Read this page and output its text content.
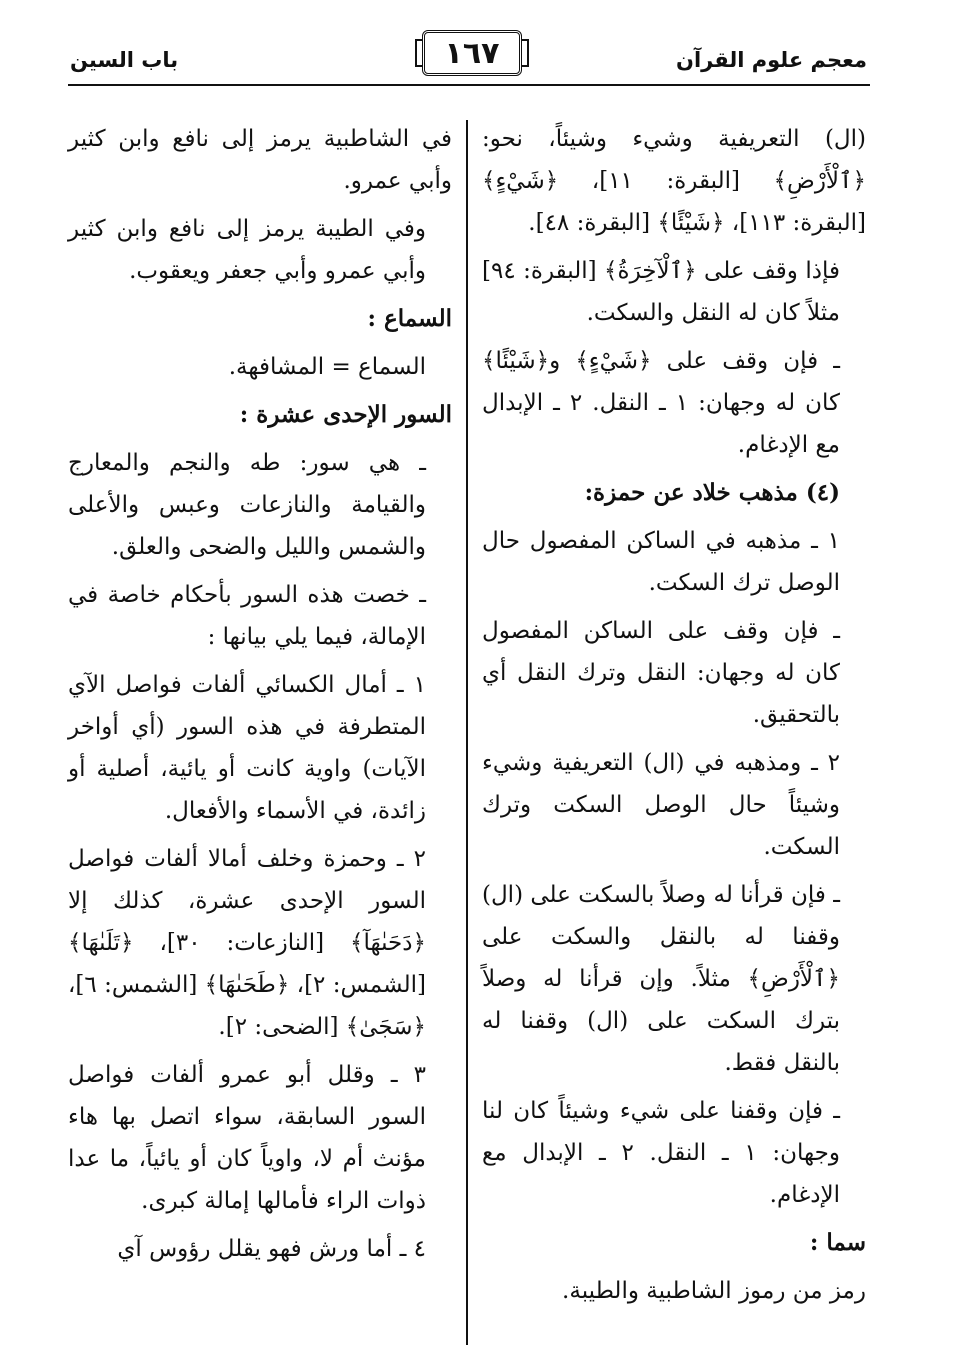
معجم علوم القرآن
١٦٧
باب السين

(ال) التعريفية وشيء وشيئاً، نحو: ﴿ٱلْأَرْضِ﴾ [البقرة: ١١]، ﴿شَيْءٍ﴾ [البقرة: ١١٣]، ﴿شَيْئًا﴾ [البقرة: ٤٨].

فإذا وقف على ﴿ٱلْآخِرَةُ﴾ [البقرة: ٩٤] مثلاً كان له النقل والسكت.

ـ فإن وقف على ﴿شَيْءٍ﴾ و﴿شَيْئًا﴾ كان له وجهان: ١ ـ النقل. ٢ ـ الإبدال مع الإدغام.

(٤) مذهب خلاد عن حمزة:

١ ـ مذهبه في الساكن المفصول حال الوصل ترك السكت.

ـ فإن وقف على الساكن المفصول كان له وجهان: النقل وترك النقل أي بالتحقيق.

٢ ـ ومذهبه في (ال) التعريفية وشيء وشيئاً حال الوصل السكت وترك السكت.

ـ فإن قرأنا له وصلاً بالسكت على (ال) وقفنا له بالنقل والسكت على ﴿ٱلْأَرْضِ﴾ مثلاً. وإن قرأنا له وصلاً بترك السكت على (ال) وقفنا له بالنقل فقط.

ـ فإن وقفنا على شيء وشيئاً كان لنا وجهان: ١ ـ النقل. ٢ ـ الإبدال مع الإدغام.

سما :

رمز من رموز الشاطبية والطيبة.

في الشاطبية يرمز إلى نافع وابن كثير وأبي عمرو.

وفي الطيبة يرمز إلى نافع وابن كثير وأبي عمرو وأبي جعفر ويعقوب.

السماع :

السماع = المشافهة.

السور الإحدى عشرة :

ـ هي سور: طه والنجم والمعارج والقيامة والنازعات وعبس والأعلى والشمس والليل والضحى والعلق.

ـ خصت هذه السور بأحكام خاصة في الإمالة، فيما يلي بيانها :

١ ـ أمال الكسائي ألفات فواصل الآي المتطرفة في هذه السور (أي أواخر الآيات) واوية كانت أو يائية، أصلية أو زائدة، في الأسماء والأفعال.

٢ ـ وحمزة وخلف أمالا ألفات فواصل السور الإحدى عشرة، كذلك إلا ﴿دَحَىٰهَآ﴾ [النازعات: ٣٠]، ﴿تَلَىٰهَا﴾ [الشمس: ٢]، ﴿طَحَىٰهَا﴾ [الشمس: ٦]، ﴿سَجَىٰ﴾ [الضحى: ٢].

٣ ـ وقلل أبو عمرو ألفات فواصل السور السابقة، سواء اتصل بها هاء مؤنث أم لا، واوياً كان أو يائياً، ما عدا ذوات الراء فأمالها إمالة كبرى.

٤ ـ أما ورش فهو يقلل رؤوس آي
